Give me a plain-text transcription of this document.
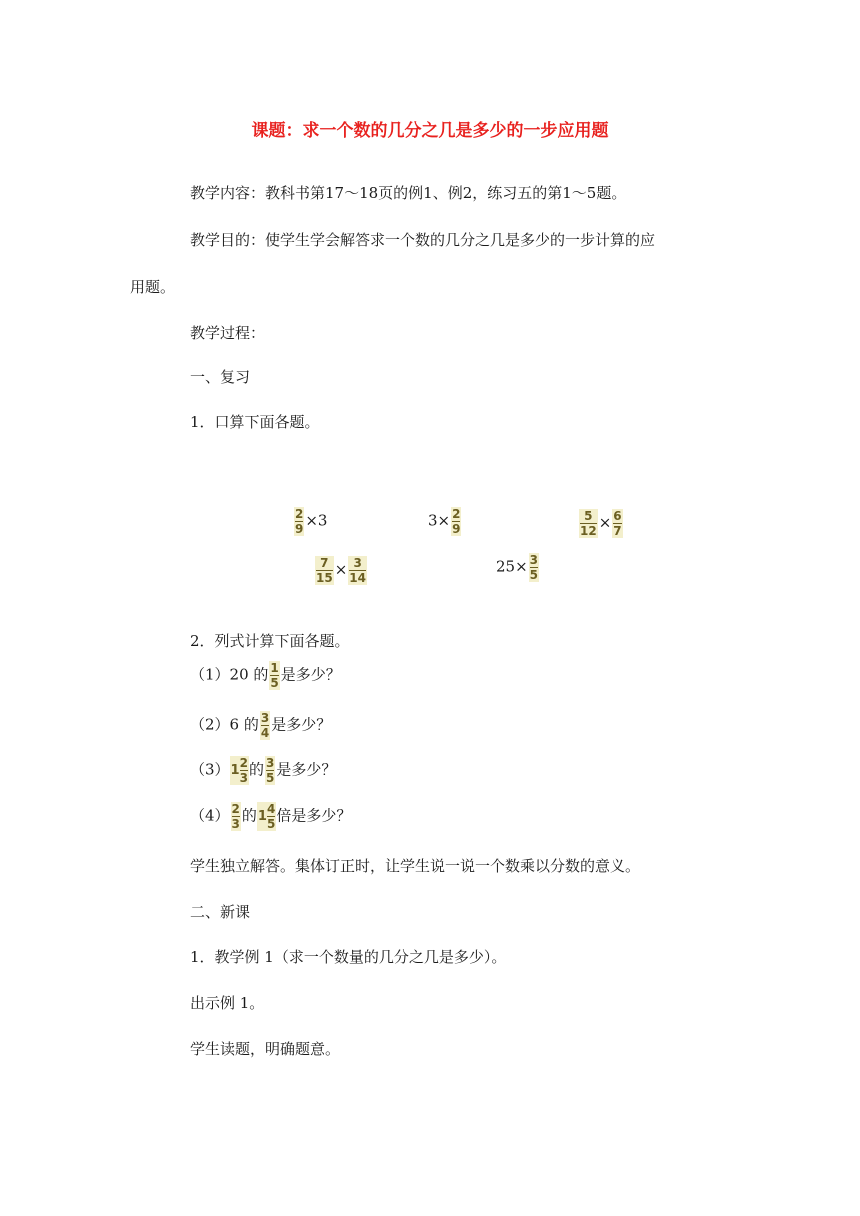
课题：求一个数的几分之几是多少的一步应用题
教学内容：教科书第17～18页的例1、例2，练习五的第1～5题。
教学目的：使学生学会解答求一个数的几分之几是多少的一步计算的应
用题。
教学过程：
一、复习
1．口算下面各题。
$\frac{2}{9} \times 3$	$3\times \frac{2}{9}$	$\frac{5}{12} \times \frac{6}{7}$
$\frac{7}{15} \times \frac{3}{14}$	$25\times \frac{3}{5}$
2．列式计算下面各题。
（1）20 的 $\frac{1}{5}$ 是多少？
（2）6 的 $\frac{3}{4}$ 是多少？
$(3)1 \frac{2}{3}$ 的 $\frac{3}{5}$ 是多少？
$(4) \frac{2}{3}$ 的$1 \frac{4}{5}$ 倍是多少？
学生独立解答。集体订正时，让学生说一说一个数乘以分数的意义。
二、新课
1．教学例 1（求一个数量的几分之几是多少）。
出示例 1。
学生读题，明确题意。
